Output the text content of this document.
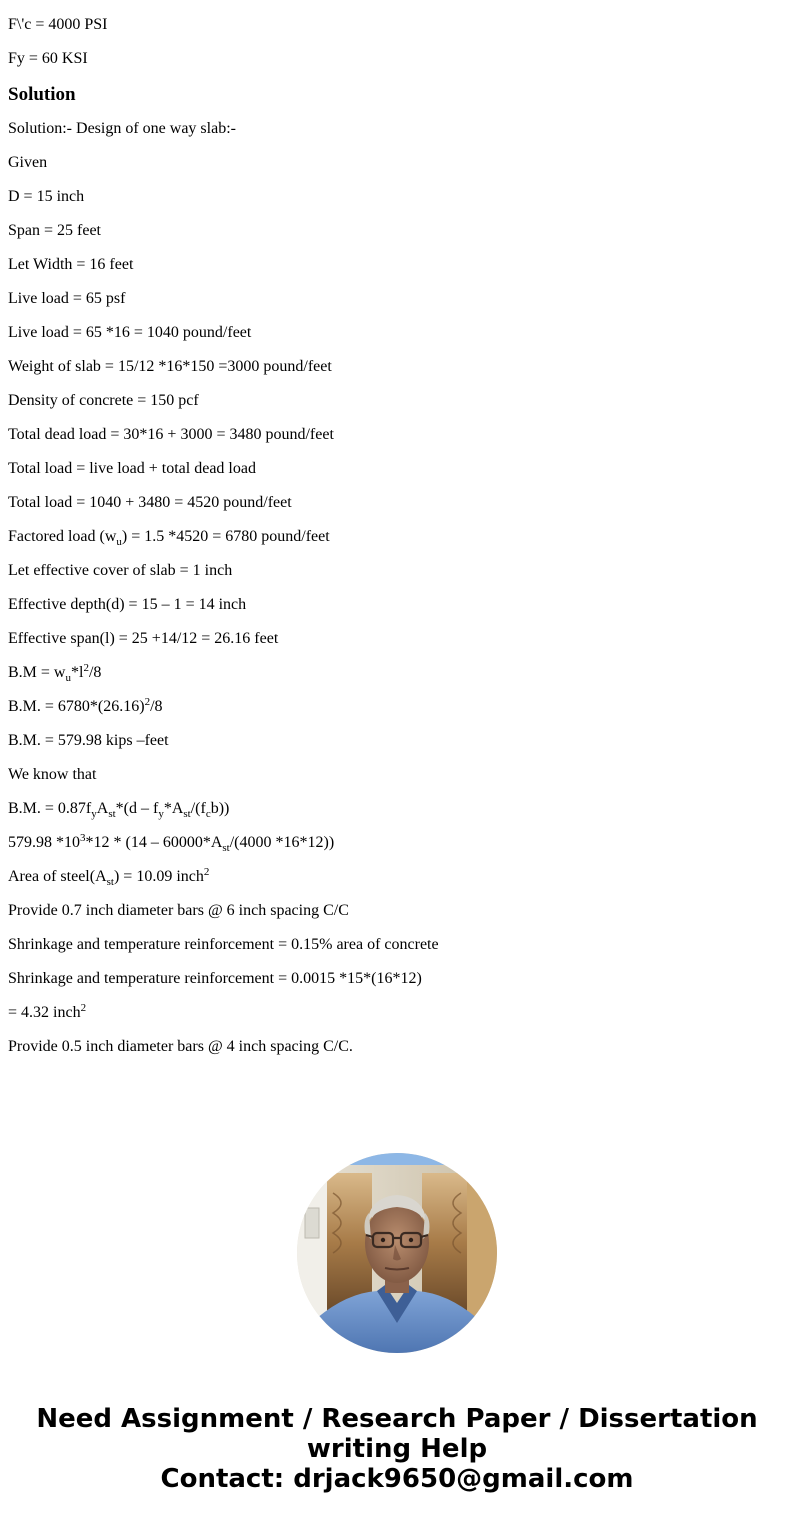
F\'c = 4000 PSI

Fy = 60 KSI

Solution

Solution:- Design of one way slab:-

Given

D = 15 inch

Span = 25 feet

Let Width = 16 feet

Live load = 65 psf

Live load = 65 *16 = 1040 pound/feet

Weight of slab = 15/12 *16*150 =3000 pound/feet

Density of concrete = 150 pcf

Total dead load = 30*16 + 3000 = 3480 pound/feet

Total load = live load + total dead load

Total load = 1040 + 3480 = 4520 pound/feet

Factored load $(w_u) = 1.5$ *4520 = 6780 pound/feet

Let effective cover of slab = 1 inch

Effective depth(d) = 15 – 1 = 14 inch

Effective span(l) = 25 +14/12 = 26.16 feet

$B.M = w_u*l^2/8$

B.M. = $6780*(26.16)^2/8$

B.M. = 579.98 kips –feet

We know that

B.M. = $0.87f_yA_{st}*(d - f_y*A_{st}/(f_cb))$

579.98 $*10^3*12 * (14 - 60000*A_{st}/(4000$ *16*12))

Area of $steel(A_{st}) = 10.09$ inch$^2$

Provide 0.7 inch diameter bars @ 6 inch spacing C/C

Shrinkage and temperature reinforcement = 0.15% area of concrete

Shrinkage and temperature reinforcement = 0.0015 *15*(16*12)

= 4.32 inch$^2$

Provide 0.5 inch diameter bars @ 4 inch spacing C/C.

Need Assignment / Research Paper / Dissertation
writing Help
Contact: drjack9650@gmail.com
